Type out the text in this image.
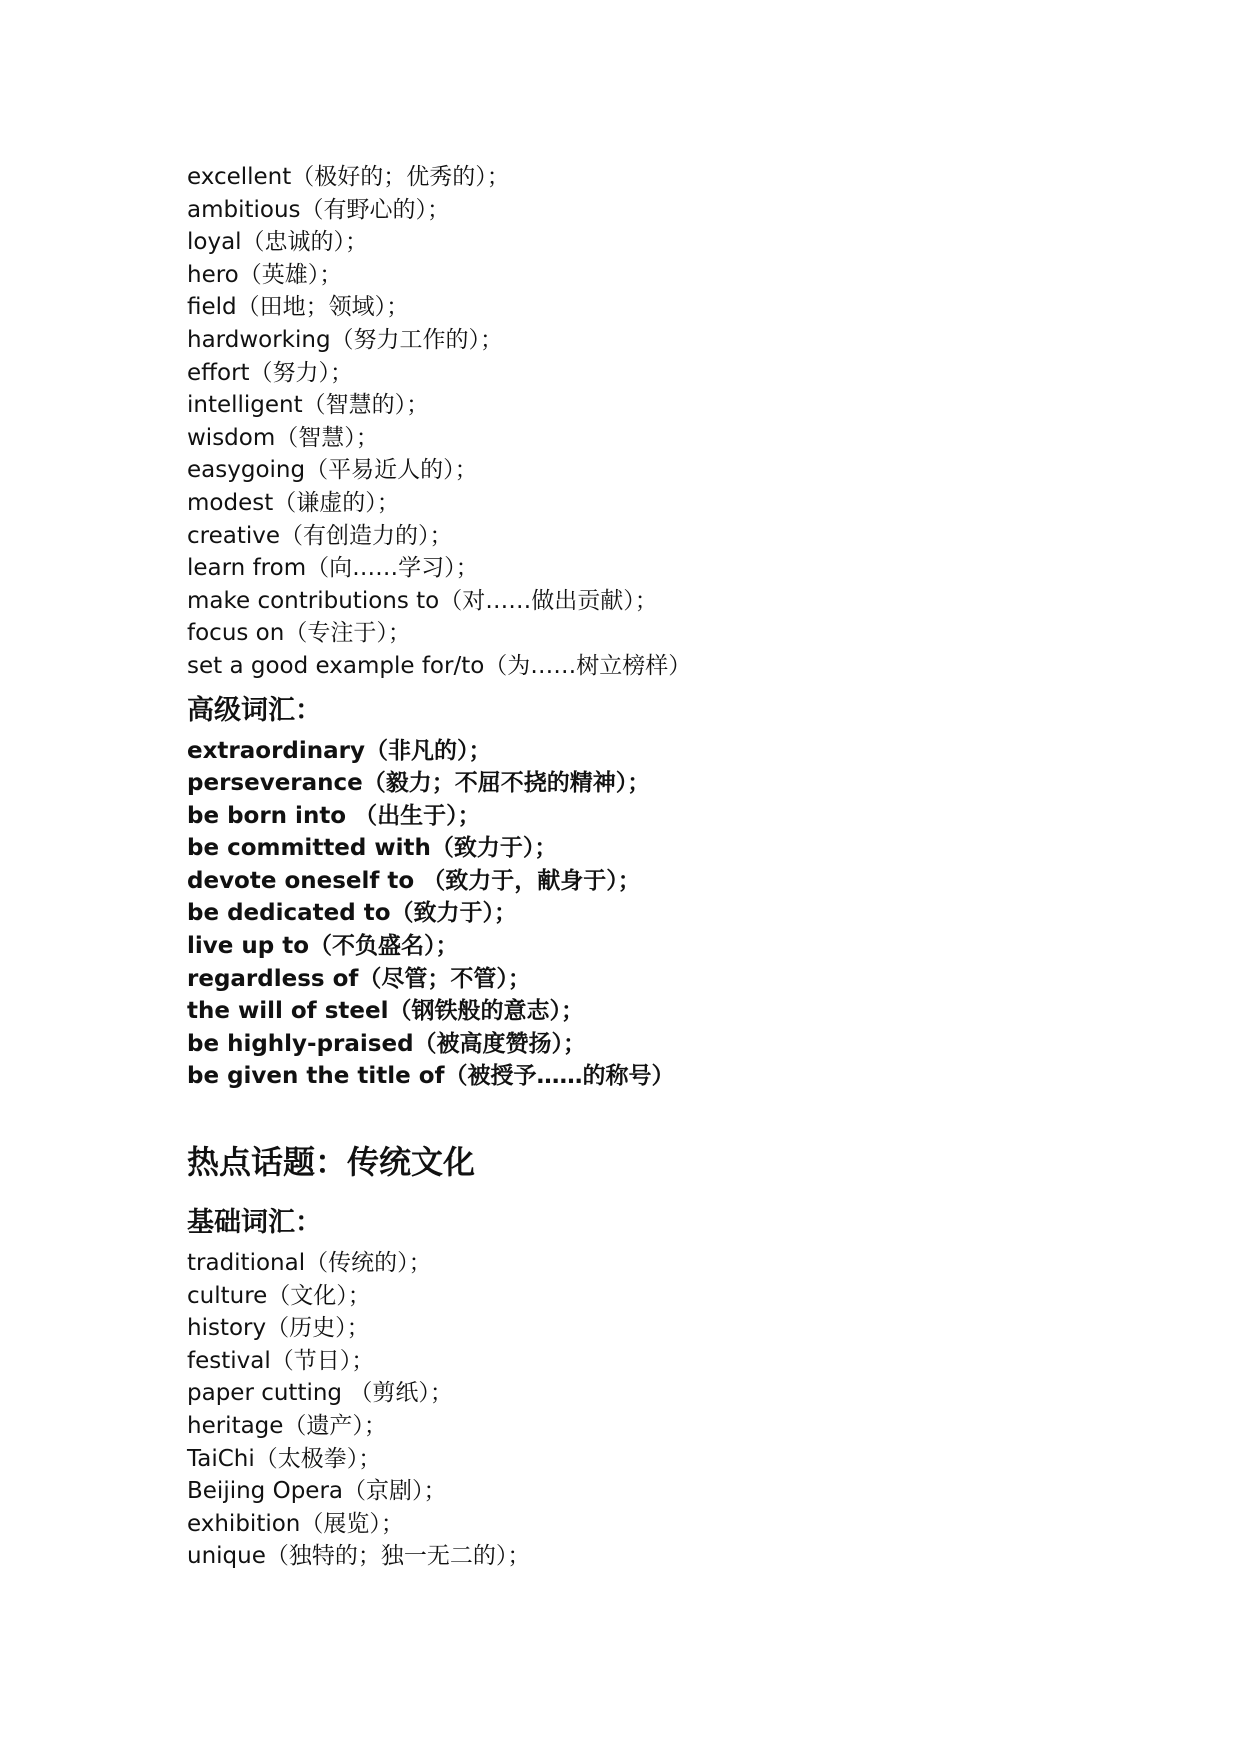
excellent（极好的；优秀的）；
ambitious（有野心的）；
loyal（忠诚的）；
hero（英雄）；
field（田地；领域）；
hardworking（努力工作的）；
effort（努力）；
intelligent（智慧的）；
wisdom（智慧）；
easygoing（平易近人的）；
modest（谦虚的）；
creative（有创造力的）；
learn from（向……学习）；
make contributions to（对……做出贡献）；
focus on（专注于）；
set a good example for/to（为……树立榜样）
高级词汇：
extraordinary（非凡的）；
perseverance（毅力；不屈不挠的精神）；
be born into （出生于）；
be committed with（致力于）；
devote oneself to （致力于，献身于）；
be dedicated to（致力于）；
live up to（不负盛名）；
regardless of（尽管；不管）；
the will of steel（钢铁般的意志）；
be highly-praised（被高度赞扬）；
be given the title of（被授予……的称号）
热点话题：传统文化
基础词汇：
traditional（传统的）；
culture（文化）；
history（历史）；
festival（节日）；
paper cutting （剪纸）；
heritage（遗产）；
TaiChi（太极拳）；
Beijing Opera（京剧）；
exhibition（展览）；
unique（独特的；独一无二的）；
